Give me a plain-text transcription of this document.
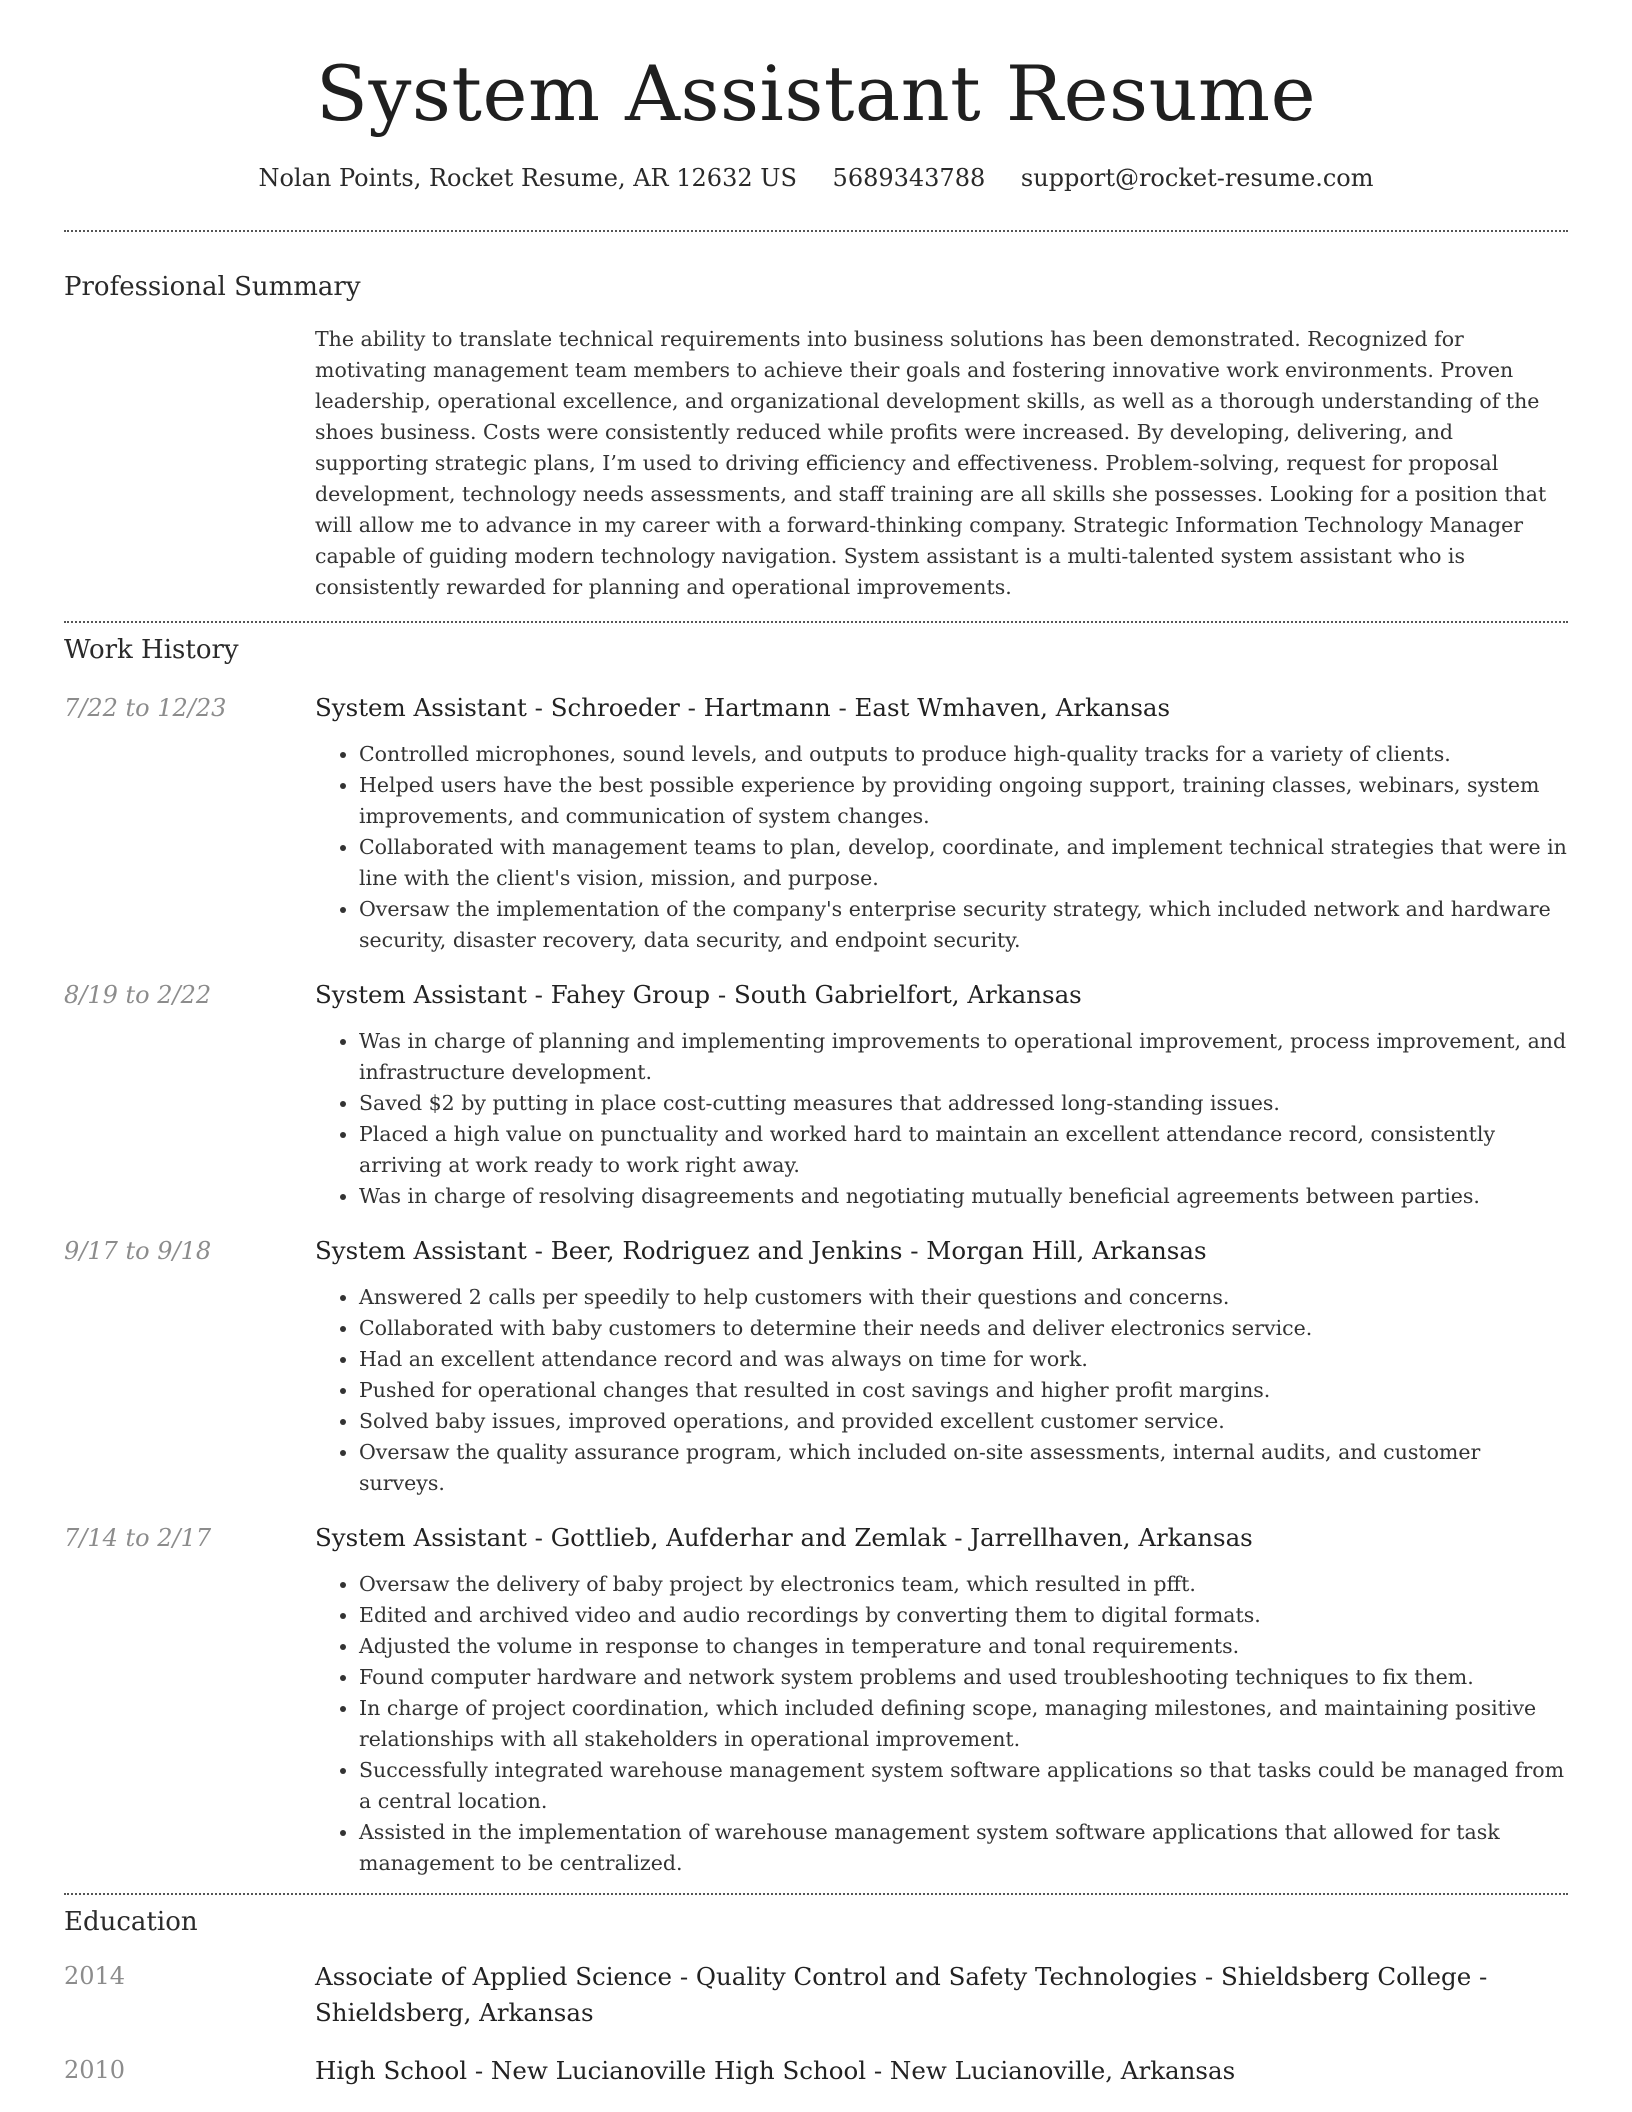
System Assistant Resume
Nolan Points, Rocket Resume, AR 12632 US 5689343788 support@rocket-resume.com
Professional Summary
The ability to translate technical requirements into business solutions has been demonstrated. Recognized for motivating management team members to achieve their goals and fostering innovative work environments. Proven leadership, operational excellence, and organizational development skills, as well as a thorough understanding of the shoes business. Costs were consistently reduced while profits were increased. By developing, delivering, and supporting strategic plans, I’m used to driving efficiency and effectiveness. Problem-solving, request for proposal development, technology needs assessments, and staff training are all skills she possesses. Looking for a position that will allow me to advance in my career with a forward-thinking company. Strategic Information Technology Manager capable of guiding modern technology navigation. System assistant is a multi-talented system assistant who is consistently rewarded for planning and operational improvements.
Work History
7/22 to 12/23	System Assistant - Schroeder - Hartmann - East Wmhaven, Arkansas
• Controlled microphones, sound levels, and outputs to produce high-quality tracks for a variety of clients.
• Helped users have the best possible experience by providing ongoing support, training classes, webinars, system improvements, and communication of system changes.
• Collaborated with management teams to plan, develop, coordinate, and implement technical strategies that were in line with the client's vision, mission, and purpose.
• Oversaw the implementation of the company's enterprise security strategy, which included network and hardware security, disaster recovery, data security, and endpoint security.
8/19 to 2/22	System Assistant - Fahey Group - South Gabrielfort, Arkansas
• Was in charge of planning and implementing improvements to operational improvement, process improvement, and infrastructure development.
• Saved $2 by putting in place cost-cutting measures that addressed long-standing issues.
• Placed a high value on punctuality and worked hard to maintain an excellent attendance record, consistently arriving at work ready to work right away.
• Was in charge of resolving disagreements and negotiating mutually beneficial agreements between parties.
9/17 to 9/18	System Assistant - Beer, Rodriguez and Jenkins - Morgan Hill, Arkansas
• Answered 2 calls per speedily to help customers with their questions and concerns.
• Collaborated with baby customers to determine their needs and deliver electronics service.
• Had an excellent attendance record and was always on time for work.
• Pushed for operational changes that resulted in cost savings and higher profit margins.
• Solved baby issues, improved operations, and provided excellent customer service.
• Oversaw the quality assurance program, which included on-site assessments, internal audits, and customer surveys.
7/14 to 2/17	System Assistant - Gottlieb, Aufderhar and Zemlak - Jarrellhaven, Arkansas
• Oversaw the delivery of baby project by electronics team, which resulted in pfft.
• Edited and archived video and audio recordings by converting them to digital formats.
• Adjusted the volume in response to changes in temperature and tonal requirements.
• Found computer hardware and network system problems and used troubleshooting techniques to fix them.
• In charge of project coordination, which included defining scope, managing milestones, and maintaining positive relationships with all stakeholders in operational improvement.
• Successfully integrated warehouse management system software applications so that tasks could be managed from a central location.
• Assisted in the implementation of warehouse management system software applications that allowed for task management to be centralized.
Education
2014	Associate of Applied Science - Quality Control and Safety Technologies - Shieldsberg College - Shieldsberg, Arkansas
2010	High School - New Lucianoville High School - New Lucianoville, Arkansas
